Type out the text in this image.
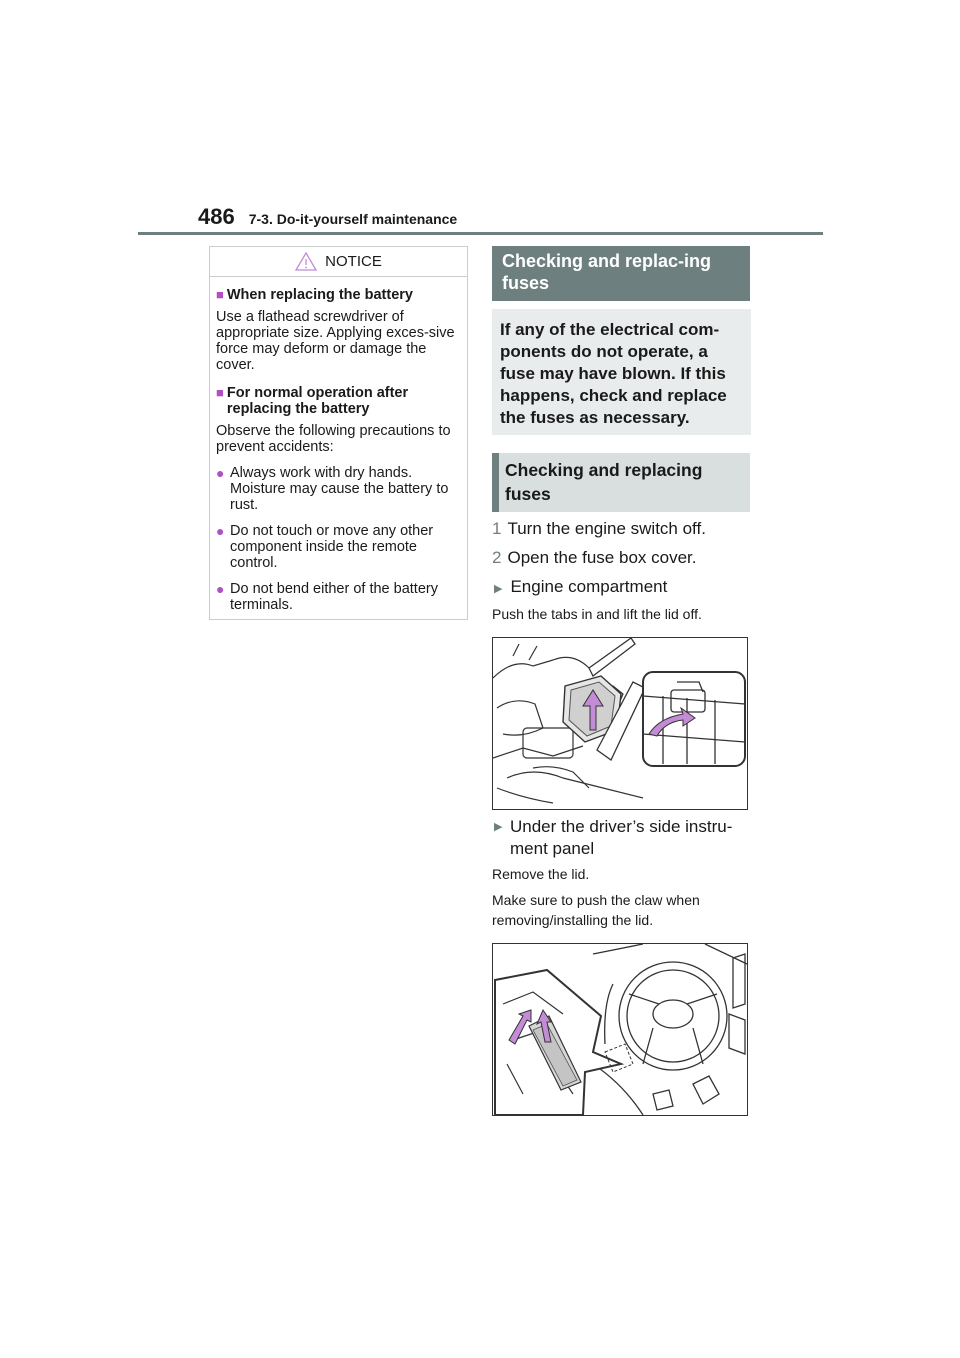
486 7-3. Do-it-yourself maintenance
NOTICE
■ When replacing the battery
Use a flathead screwdriver of appropriate size. Applying exces-sive force may deform or damage the cover.
■ For normal operation after replacing the battery
Observe the following precautions to prevent accidents:
● Always work with dry hands. Moisture may cause the battery to rust.
● Do not touch or move any other component inside the remote control.
● Do not bend either of the battery terminals.
Checking and replac-ing fuses
If any of the electrical com-ponents do not operate, a fuse may have blown. If this happens, check and replace the fuses as necessary.
Checking and replacing fuses
1 Turn the engine switch off.
2 Open the fuse box cover.
▶ Engine compartment
Push the tabs in and lift the lid off.
▶ Under the driver’s side instru-ment panel
Remove the lid.
Make sure to push the claw when removing/installing the lid.
